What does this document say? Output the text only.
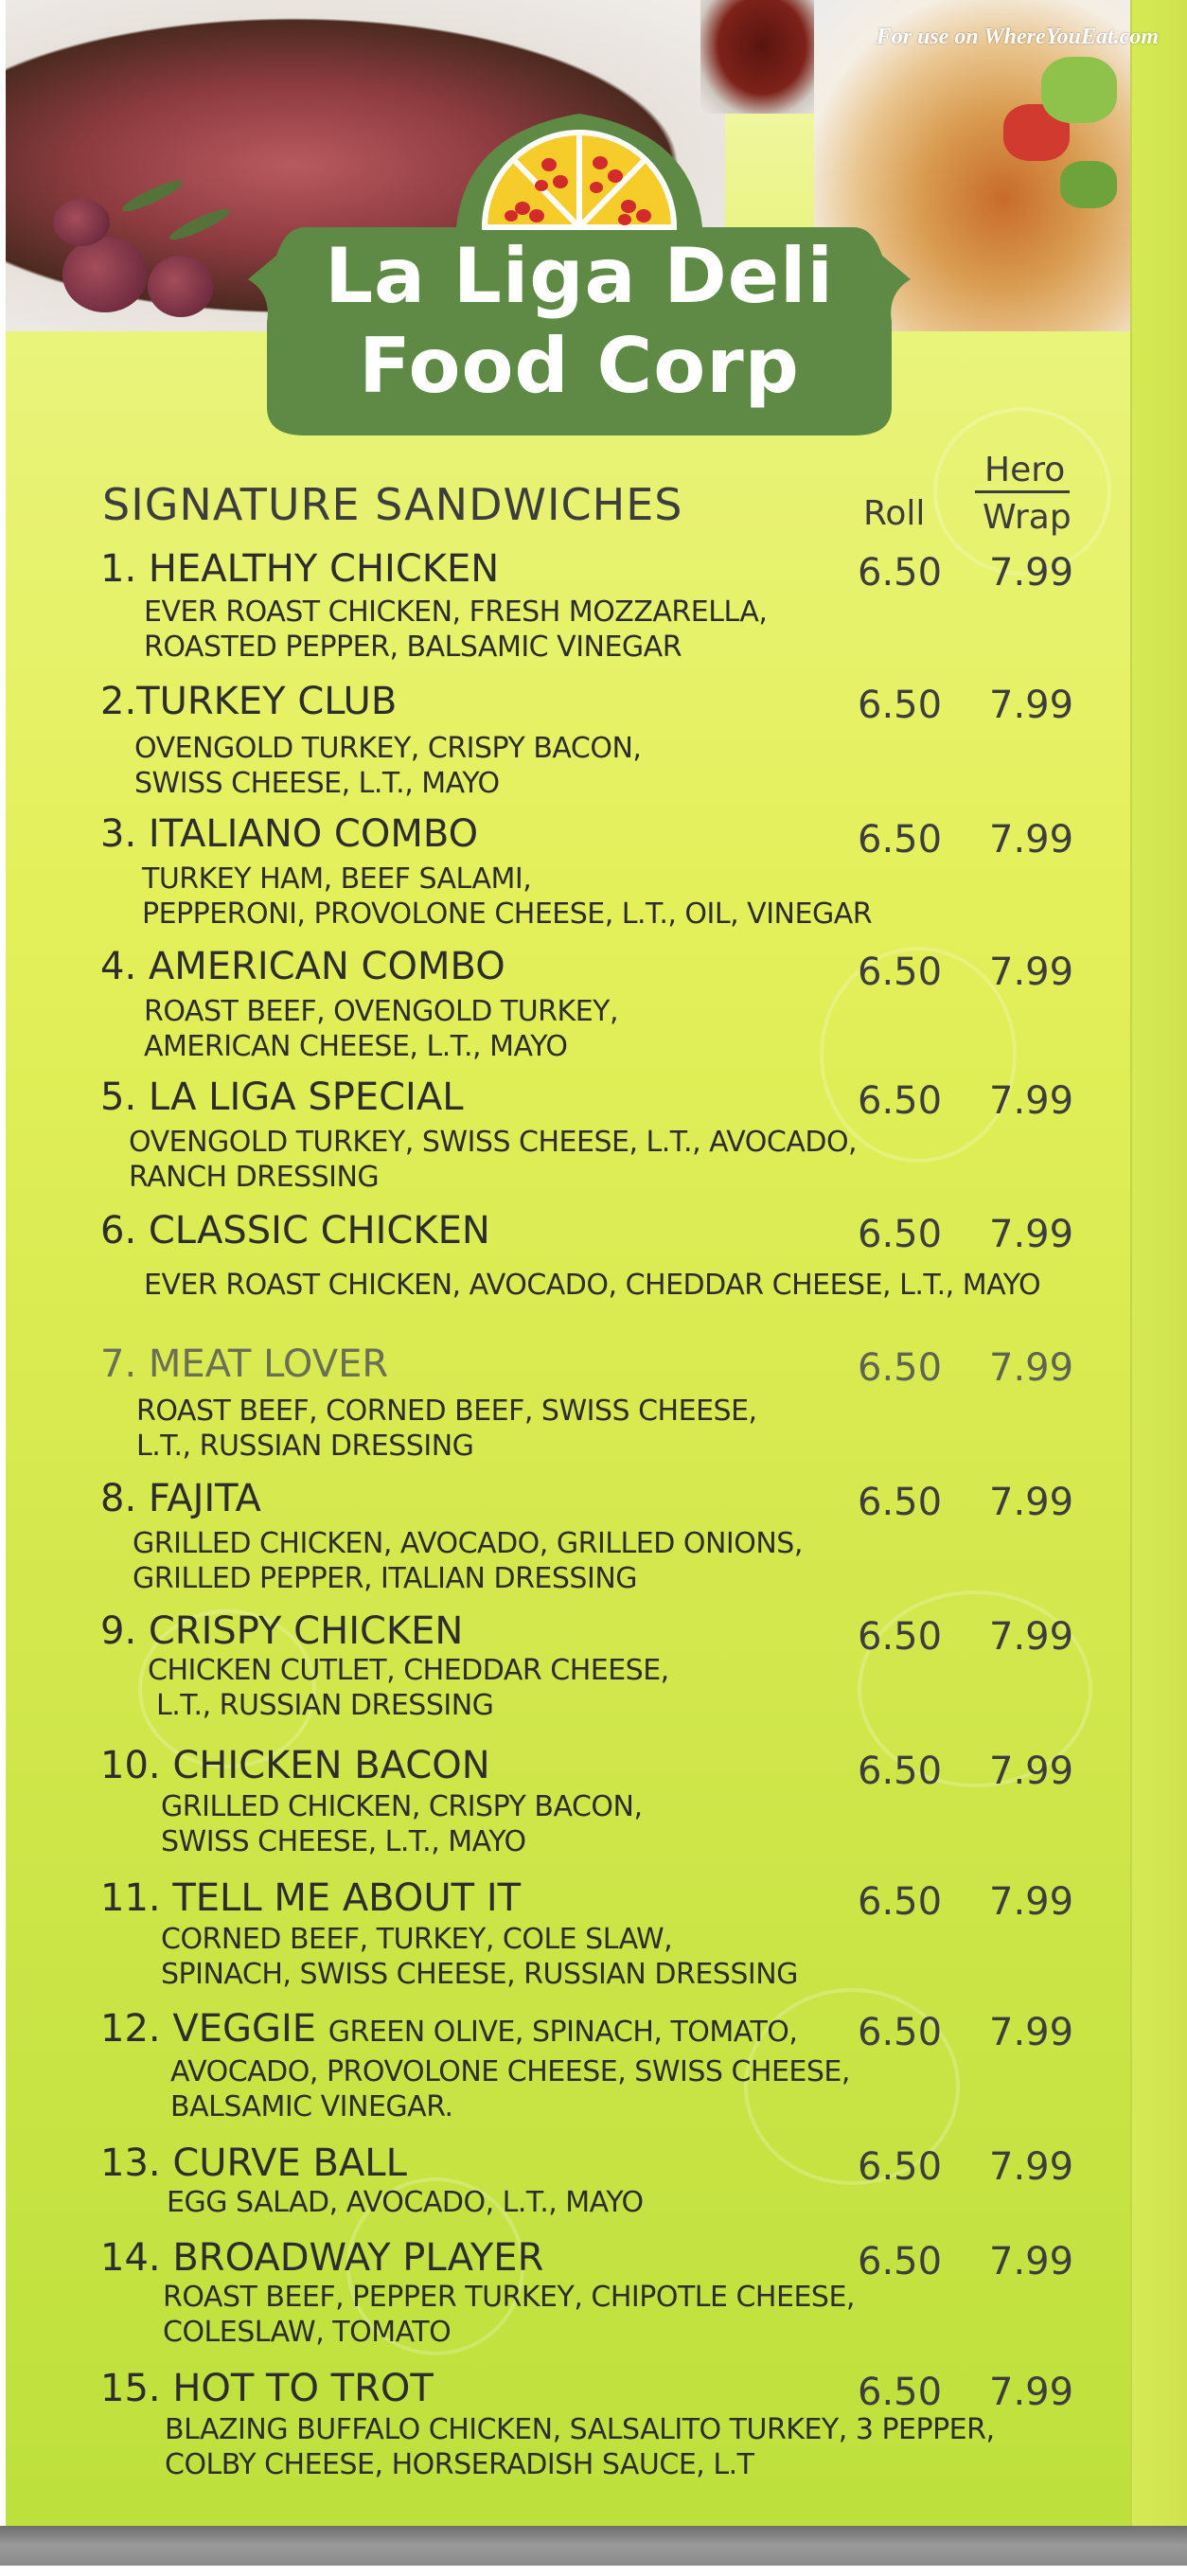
For use on WhereYouEat.com
La Liga Deli
Food Corp
SIGNATURE SANDWICHES	Roll
Hero
Wrap
1. HEALTHY CHICKEN	6.50 7.99
EVER ROAST CHICKEN, FRESH MOZZARELLA,
ROASTED PEPPER, BALSAMIC VINEGAR
2.TURKEY CLUB	6.50 7.99
OVENGOLD TURKEY, CRISPY BACON,
SWISS CHEESE, L.T., MAYO
3. ITALIANO COMBO	6.50 7.99
TURKEY HAM, BEEF SALAMI,
PEPPERONI, PROVOLONE CHEESE, L.T., OIL, VINEGAR
4. AMERICAN COMBO	6.50 7.99
ROAST BEEF, OVENGOLD TURKEY,
AMERICAN CHEESE, L.T., MAYO
5. LA LIGA SPECIAL	6.50 7.99
OVENGOLD TURKEY, SWISS CHEESE, L.T., AVOCADO,
RANCH DRESSING
6. CLASSIC CHICKEN	6.50 7.99
EVER ROAST CHICKEN, AVOCADO, CHEDDAR CHEESE, L.T., MAYO
7. MEAT LOVER	6.50 7.99
ROAST BEEF, CORNED BEEF, SWISS CHEESE,
L.T., RUSSIAN DRESSING
8. FAJITA	6.50 7.99
GRILLED CHICKEN, AVOCADO, GRILLED ONIONS,
GRILLED PEPPER, ITALIAN DRESSING
9. CRISPY CHICKEN	6.50 7.99
CHICKEN CUTLET, CHEDDAR CHEESE,
L.T., RUSSIAN DRESSING
10. CHICKEN BACON	6.50 7.99
GRILLED CHICKEN, CRISPY BACON,
SWISS CHEESE, L.T., MAYO
11. TELL ME ABOUT IT	6.50 7.99
CORNED BEEF, TURKEY, COLE SLAW,
SPINACH, SWISS CHEESE, RUSSIAN DRESSING
12. VEGGIE GREEN OLIVE, SPINACH, TOMATO, 6.50 7.99
AVOCADO, PROVOLONE CHEESE, SWISS CHEESE,
BALSAMIC VINEGAR.
13. CURVE BALL	6.50 7.99
EGG SALAD, AVOCADO, L.T., MAYO
14. BROADWAY PLAYER	6.50 7.99
ROAST BEEF, PEPPER TURKEY, CHIPOTLE CHEESE,
COLESLAW, TOMATO
15. HOT TO TROT	6.50 7.99
BLAZING BUFFALO CHICKEN, SALSALITO TURKEY, 3 PEPPER,
COLBY CHEESE, HORSERADISH SAUCE, L.T
